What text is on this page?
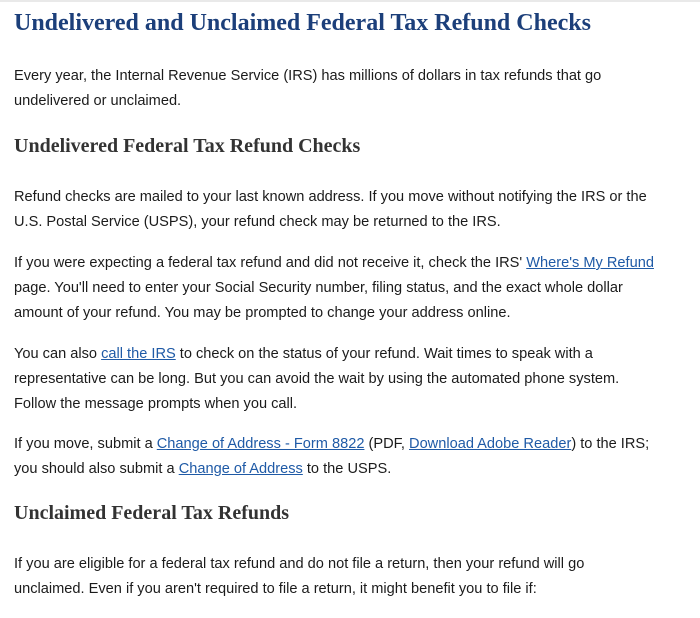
Undelivered and Unclaimed Federal Tax Refund Checks

Every year, the Internal Revenue Service (IRS) has millions of dollars in tax refunds that go
undelivered or unclaimed.

Undelivered Federal Tax Refund Checks

Refund checks are mailed to your last known address. If you move without notifying the IRS or the
U.S. Postal Service (USPS), your refund check may be returned to the IRS.

If you were expecting a federal tax refund and did not receive it, check the IRS' Where's My Refund
page. You'll need to enter your Social Security number, filing status, and the exact whole dollar
amount of your refund. You may be prompted to change your address online.

You can also call the IRS to check on the status of your refund. Wait times to speak with a
representative can be long. But you can avoid the wait by using the automated phone system.
Follow the message prompts when you call.

If you move, submit a Change of Address - Form 8822 (PDF, Download Adobe Reader) to the IRS;
you should also submit a Change of Address to the USPS.

Unclaimed Federal Tax Refunds

If you are eligible for a federal tax refund and do not file a return, then your refund will go
unclaimed. Even if you aren't required to file a return, it might benefit you to file if:
